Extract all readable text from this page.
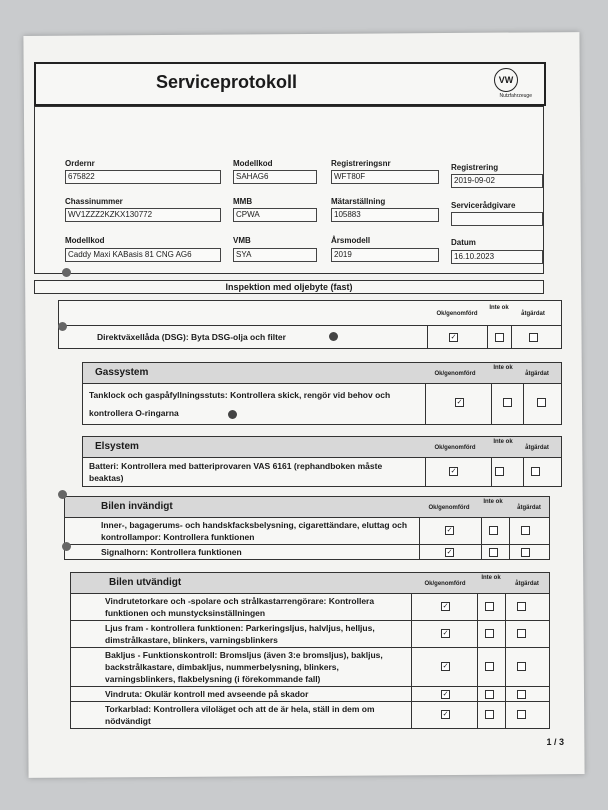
Serviceprotokoll	VW
Nutzfahrzeuge
Ordernr
675822
Modellkod
SAHAG6
Registreringsnr
WFT80F
Registrering
2019-09-02
Chassinummer
WV1ZZZ2KZKX130772
MMB
CPWA
Mätarställning
105883
Servicerådgivare
Modellkod
Caddy Maxi KABasis 81 CNG AG6
VMB
SYA
Årsmodell
2019
Datum
16.10.2023
Inspektion med oljebyte (fast)
Ok/genomförd
Inte ok
åtgärdat
Direktväxellåda (DSG): Byta DSG-olja och filter	✓
Gassystem	Ok/genomförd
Inte ok
åtgärdat
Tanklock och gaspåfyllningsstuts: Kontrollera skick, rengör vid behov och kontrollera O-ringarna
✓
Elsystem	Ok/genomförd
Inte ok
åtgärdat
Batteri: Kontrollera med batteriprovaren VAS 6161 (rephandboken måste beaktas)
✓
Bilen invändigt	Ok/genomförd
Inte ok
åtgärdat
Inner-, bagagerums- och handskfacksbelysning, cigarettändare, eluttag och kontrollampor: Kontrollera funktionen
✓
Signalhorn: Kontrollera funktionen	✓
Bilen utvändigt	Ok/genomförd
Inte ok
åtgärdat
Vindrutetorkare och -spolare och strålkastarrengörare: Kontrollera funktionen och munstycksinställningen
✓
Ljus fram - kontrollera funktionen: Parkeringsljus, halvljus, helljus, dimstrålkastare, blinkers, varningsblinkers
✓
Bakljus - Funktionskontroll: Bromsljus (även 3:e bromsljus), bakljus, backstrålkastare, dimbakljus, nummerbelysning, blinkers, varningsblinkers, flakbelysning (i förekommande fall)
✓
Vindruta: Okulär kontroll med avseende på skador	✓
Torkarblad: Kontrollera viloläget och att de är hela, ställ in dem om nödvändigt
✓
1 / 3
